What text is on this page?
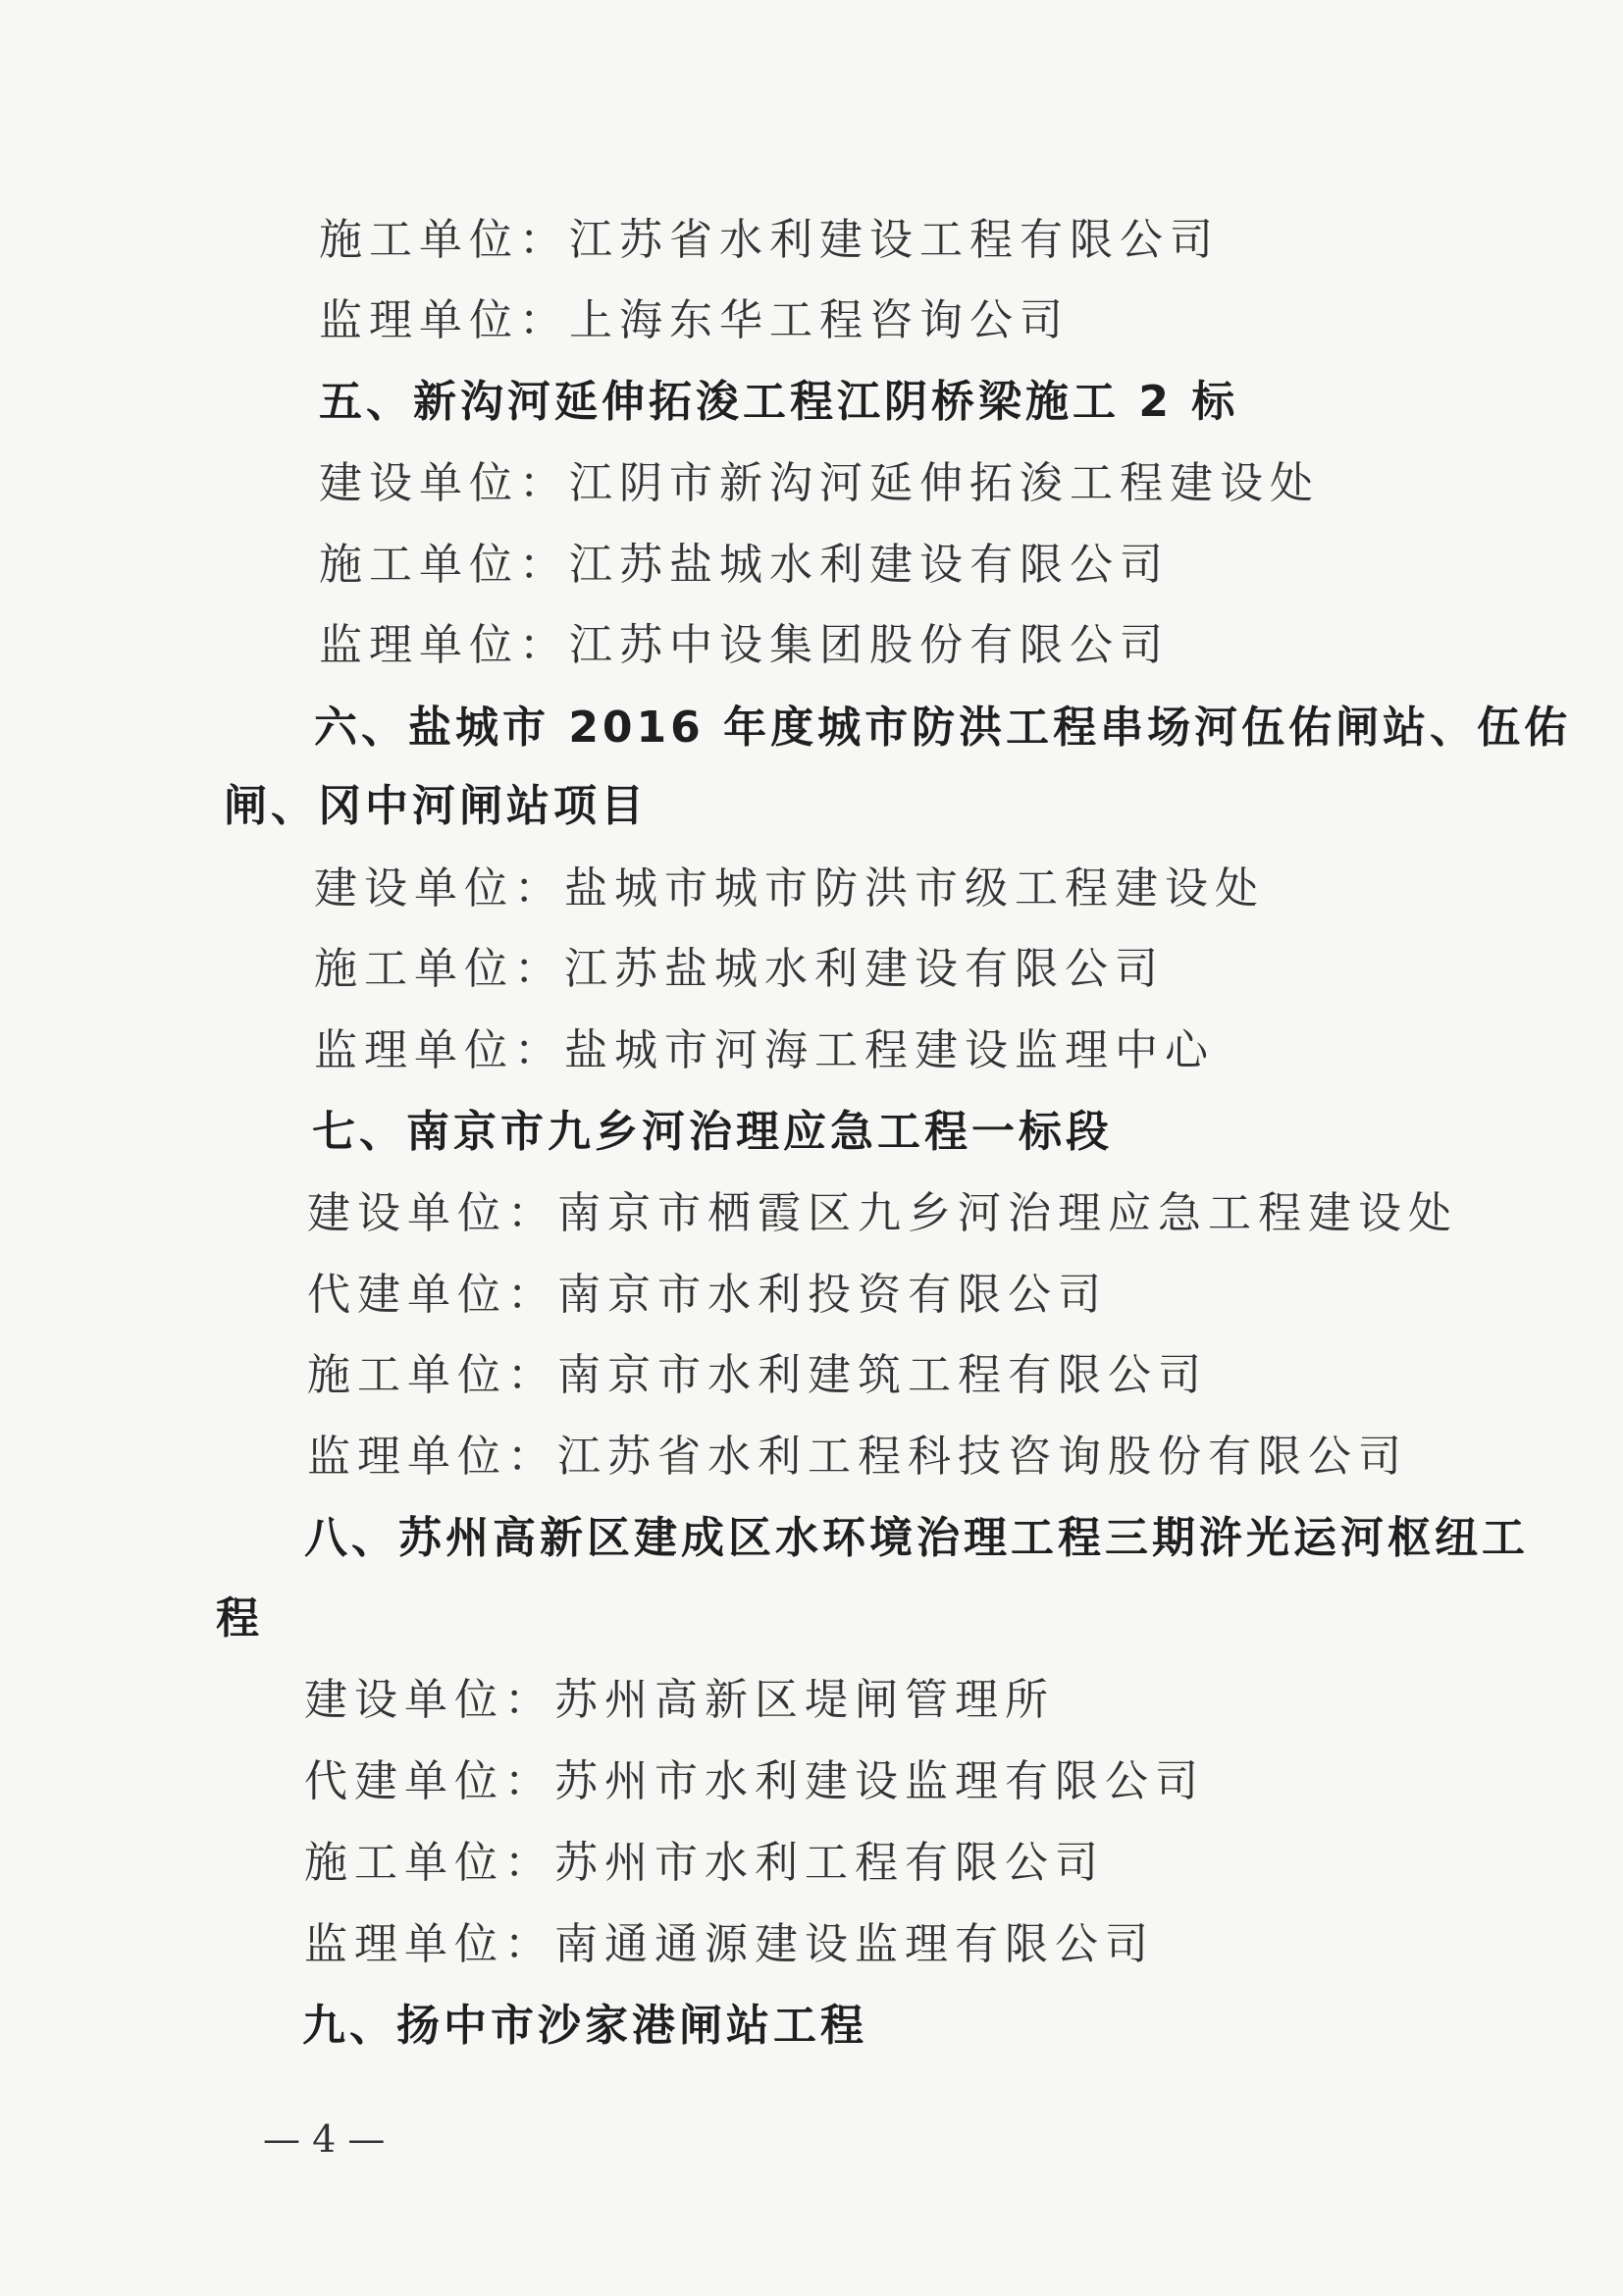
施工单位：江苏省水利建设工程有限公司
监理单位：上海东华工程咨询公司
五、新沟河延伸拓浚工程江阴桥梁施工 2 标
建设单位：江阴市新沟河延伸拓浚工程建设处
施工单位：江苏盐城水利建设有限公司
监理单位：江苏中设集团股份有限公司
六、盐城市 2016 年度城市防洪工程串场河伍佑闸站、伍佑
闸、冈中河闸站项目
建设单位：盐城市城市防洪市级工程建设处
施工单位：江苏盐城水利建设有限公司
监理单位：盐城市河海工程建设监理中心
七、南京市九乡河治理应急工程一标段
建设单位：南京市栖霞区九乡河治理应急工程建设处
代建单位：南京市水利投资有限公司
施工单位：南京市水利建筑工程有限公司
监理单位：江苏省水利工程科技咨询股份有限公司
八、苏州高新区建成区水环境治理工程三期浒光运河枢纽工
程
建设单位：苏州高新区堤闸管理所
代建单位：苏州市水利建设监理有限公司
施工单位：苏州市水利工程有限公司
监理单位：南通通源建设监理有限公司
九、扬中市沙家港闸站工程
— 4 —
